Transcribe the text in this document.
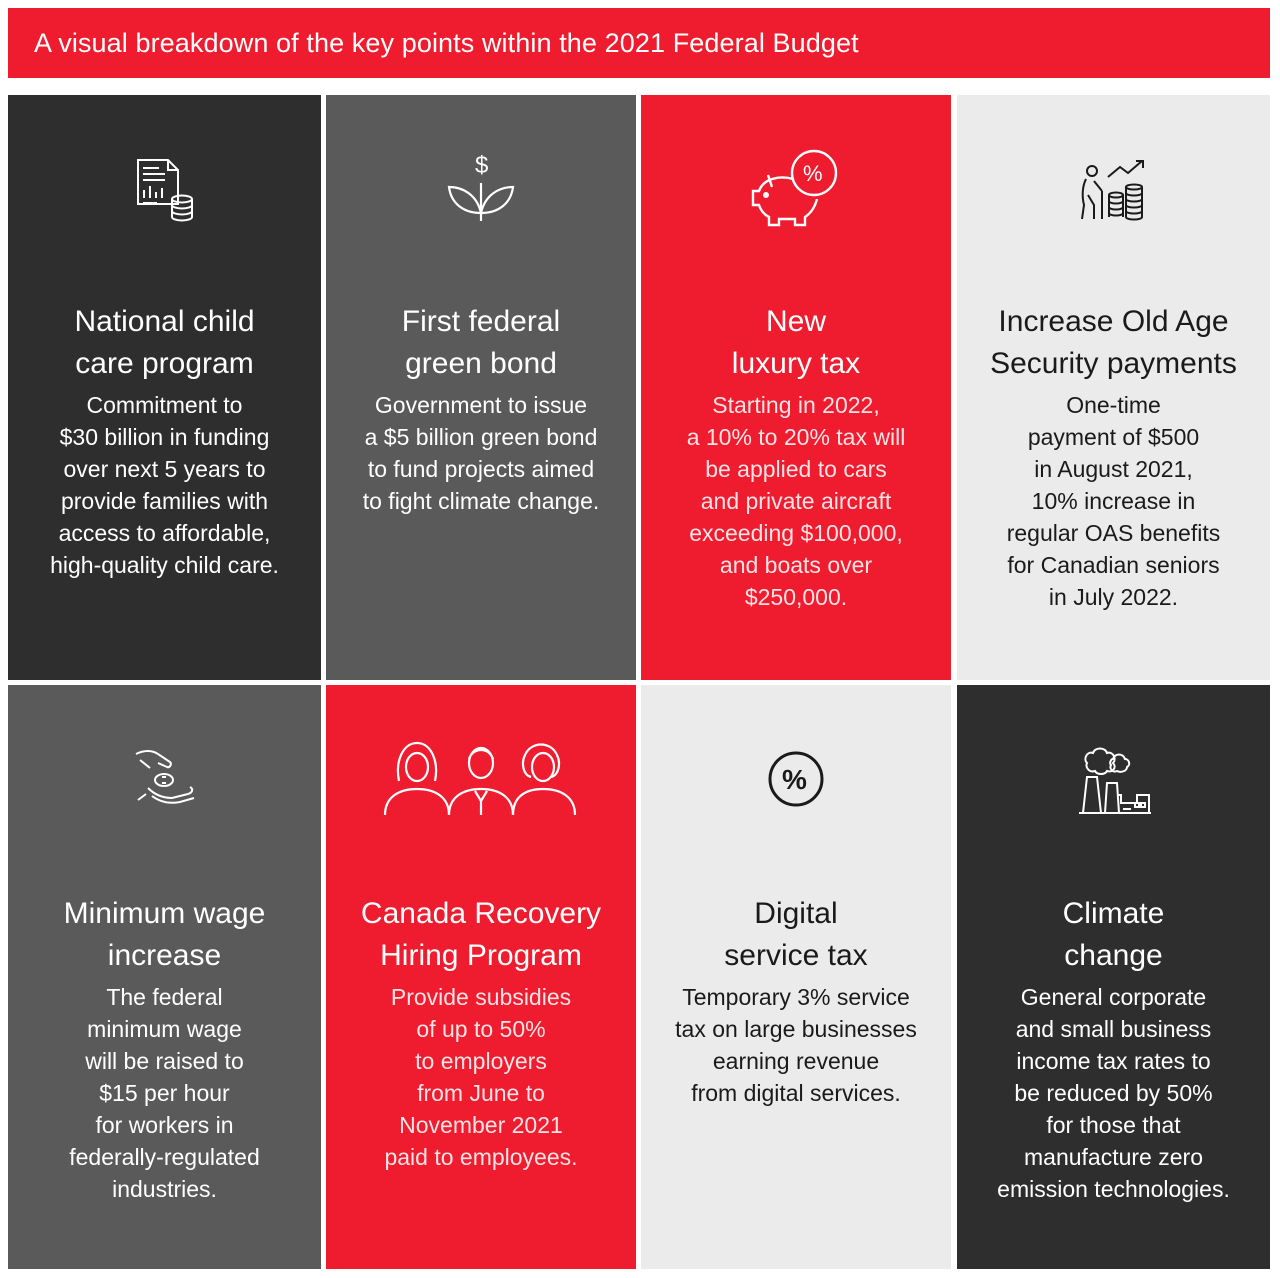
A visual breakdown of the key points within the 2021 Federal Budget

National child
care program

Commitment to
$30 billion in funding
over next 5 years to
provide families with
access to affordable,
high-quality child care.
$

First federal
green bond

Government to issue
a $5 billion green bond
to fund projects aimed
to fight climate change.
%

New
luxury tax

Starting in 2022,
a 10% to 20% tax will
be applied to cars
and private aircraft
exceeding $100,000,
and boats over
$250,000.

Increase Old Age
Security payments

One-time
payment of $500
in August 2021,
10% increase in
regular OAS benefits
for Canadian seniors
in July 2022.

Minimum wage
increase

The federal
minimum wage
will be raised to
$15 per hour
for workers in
federally-regulated
industries.

Canada Recovery
Hiring Program

Provide subsidies
of up to 50%
to employers
from June to
November 2021
paid to employees.
%

Digital
service tax

Temporary 3% service
tax on large businesses
earning revenue
from digital services.

Climate
change

General corporate
and small business
income tax rates to
be reduced by 50%
for those that
manufacture zero
emission technologies.
